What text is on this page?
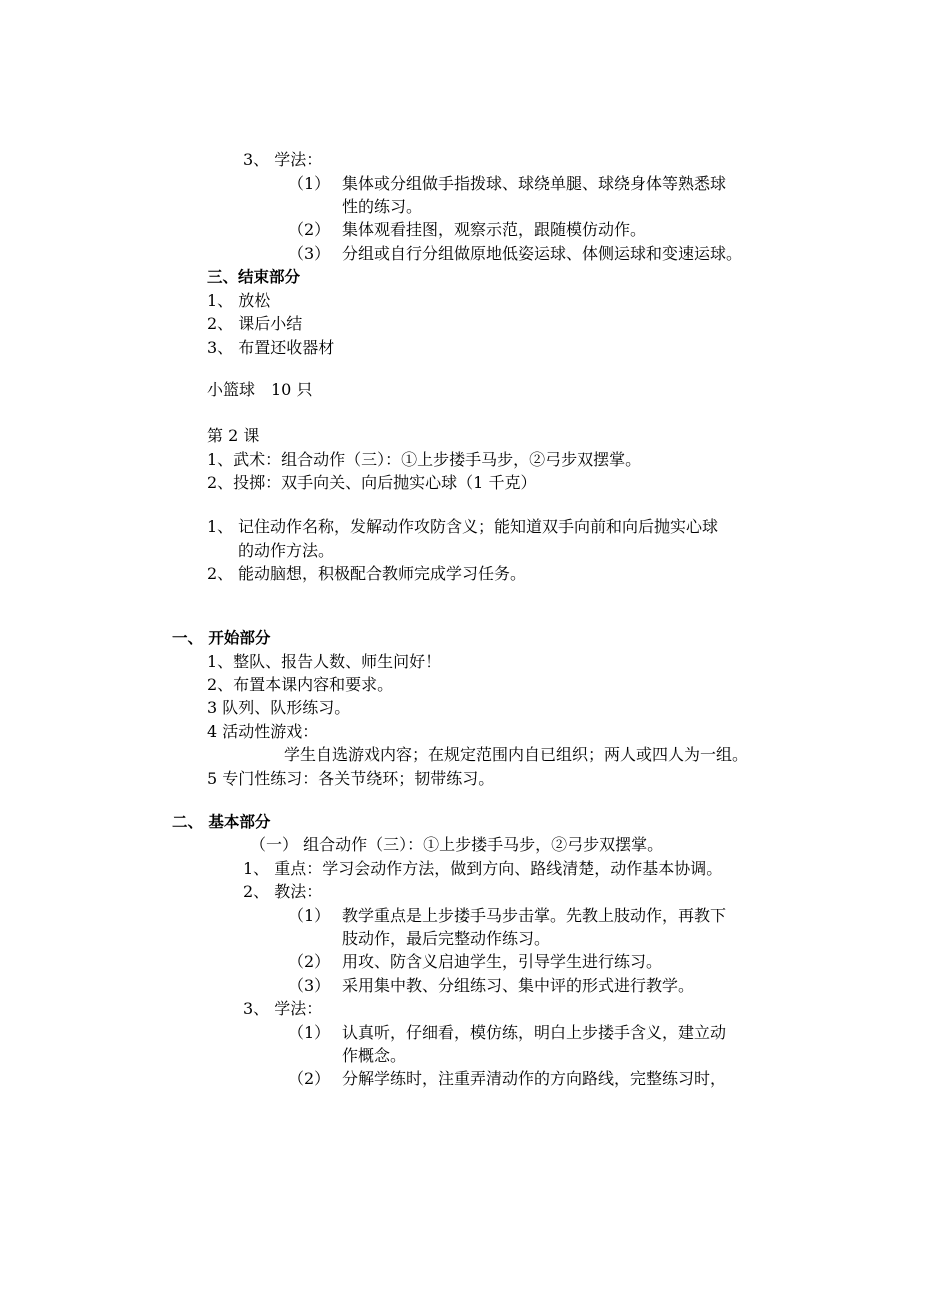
3、 学法：
（1） 集体或分组做手指拨球、球绕单腿、球绕身体等熟悉球
性的练习。
（2） 集体观看挂图，观察示范，跟随模仿动作。
（3） 分组或自行分组做原地低姿运球、体侧运球和变速运球。
三、结束部分
1、 放松
2、 课后小结
3、 布置还收器材
小篮球　10 只
第 2 课
1、武术：组合动作（三）：①上步搂手马步，②弓步双摆掌。
2、投掷：双手向关、向后抛实心球（1 千克）
1、 记住动作名称，发解动作攻防含义；能知道双手向前和向后抛实心球
的动作方法。
2、 能动脑想，积极配合教师完成学习任务。
一、 开始部分
1、整队、报告人数、师生问好！
2、布置本课内容和要求。
3 队列、队形练习。
4 活动性游戏：
学生自选游戏内容；在规定范围内自已组织；两人或四人为一组。
5 专门性练习：各关节绕环；韧带练习。
二、 基本部分
（一） 组合动作（三）：①上步搂手马步，②弓步双摆掌。
1、 重点：学习会动作方法，做到方向、路线清楚，动作基本协调。
2、 教法：
（1） 教学重点是上步搂手马步击掌。先教上肢动作，再教下
肢动作，最后完整动作练习。
（2） 用攻、防含义启迪学生，引导学生进行练习。
（3） 采用集中教、分组练习、集中评的形式进行教学。
3、 学法：
（1） 认真听，仔细看，模仿练，明白上步搂手含义，建立动
作概念。
（2） 分解学练时，注重弄清动作的方向路线，完整练习时，
